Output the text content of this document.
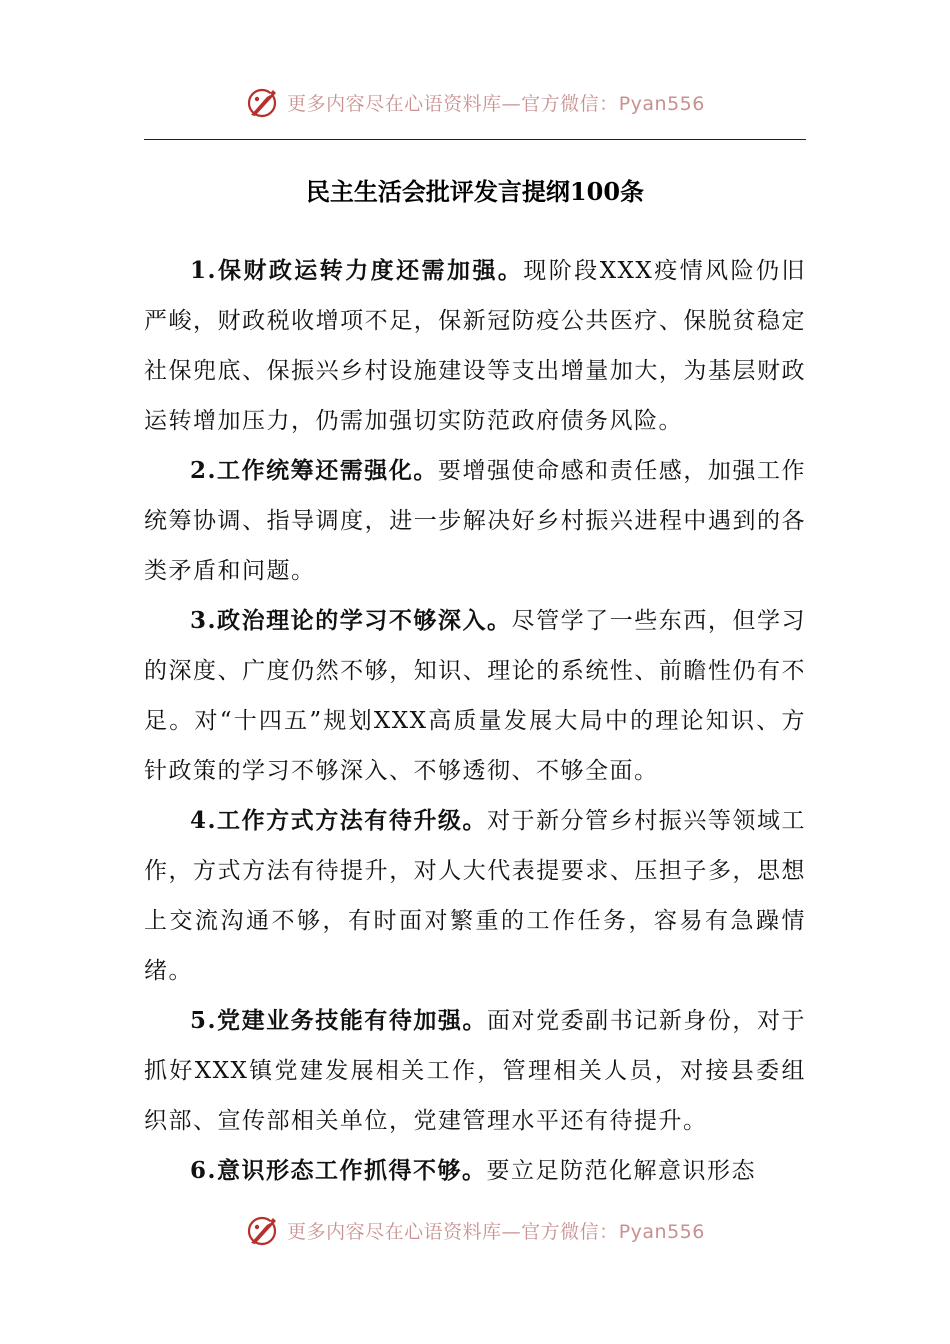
更多内容尽在心语资料库—官方微信：Pyan556
民主生活会批评发言提纲100条

1.保财政运转力度还需加强。现阶段XXX疫情风险仍旧严峻，财政税收增项不足，保新冠防疫公共医疗、保脱贫稳定社保兜底、保振兴乡村设施建设等支出增量加大，为基层财政运转增加压力，仍需加强切实防范政府债务风险。

2.工作统筹还需强化。要增强使命感和责任感，加强工作统筹协调、指导调度，进一步解决好乡村振兴进程中遇到的各类矛盾和问题。

3.政治理论的学习不够深入。尽管学了一些东西，但学习的深度、广度仍然不够，知识、理论的系统性、前瞻性仍有不足。对“十四五”规划XXX高质量发展大局中的理论知识、方针政策的学习不够深入、不够透彻、不够全面。

4.工作方式方法有待升级。对于新分管乡村振兴等领域工作，方式方法有待提升，对人大代表提要求、压担子多，思想上交流沟通不够，有时面对繁重的工作任务，容易有急躁情绪。

5.党建业务技能有待加强。面对党委副书记新身份，对于抓好XXX镇党建发展相关工作，管理相关人员，对接县委组织部、宣传部相关单位，党建管理水平还有待提升。

6.意识形态工作抓得不够。要立足防范化解意识形态

更多内容尽在心语资料库—官方微信：Pyan556
